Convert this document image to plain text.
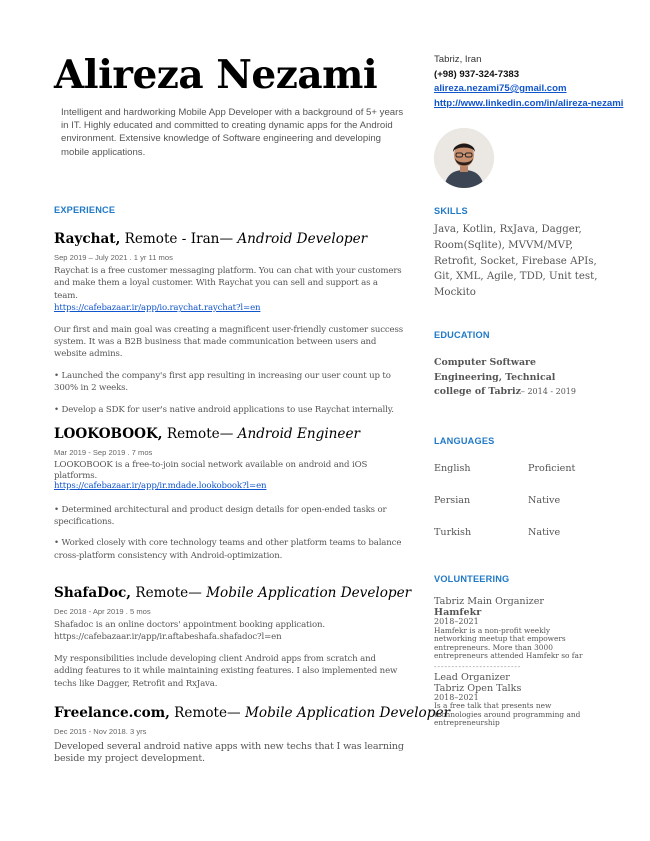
Alireza Nezami
Intelligent and hardworking Mobile App Developer with a background of 5+ years in IT. Highly educated and committed to creating dynamic apps for the Android environment. Extensive knowledge of Software engineering and developing mobile applications.
Tabriz, Iran
(+98) 937-324-7383
alireza.nezami75@gmail.com
http://www.linkedin.com/in/alireza-nezami
EXPERIENCE
Raychat, Remote - Iran— Android Developer
Sep 2019 – July 2021 . 1 yr 11 mos
Raychat is a free customer messaging platform. You can chat with your customers and make them a loyal customer. With Raychat you can sell and support as a team.
https://cafebazaar.ir/app/io.raychat.raychat?l=en
Our first and main goal was creating a magnificent user-friendly customer success system. It was a B2B business that made communication between users and website admins.
• Launched the company's first app resulting in increasing our user count up to 300% in 2 weeks.
• Develop a SDK for user's native android applications to use Raychat internally.
LOOKOBOOK, Remote— Android Engineer
Mar 2019 - Sep 2019 . 7 mos
LOOKOBOOK is a free-to-join social network available on android and iOS platforms.
https://cafebazaar.ir/app/ir.mdade.lookobook?l=en
• Determined architectural and product design details for open-ended tasks or specifications.
• Worked closely with core technology teams and other platform teams to balance cross-platform consistency with Android-optimization.
ShafaDoc, Remote— Mobile Application Developer
Dec 2018 - Apr 2019 . 5 mos
Shafadoc is an online doctors' appointment booking application.
https://cafebazaar.ir/app/ir.aftabeshafa.shafadoc?l=en
My responsibilities include developing client Android apps from scratch and adding features to it while maintaining existing features. I also implemented new techs like Dagger, Retrofit and RxJava.
Freelance.com, Remote— Mobile Application Developer
Dec 2015 - Nov 2018. 3 yrs
Developed several android native apps with new techs that I was learning beside my project development.
SKILLS
Java, Kotlin, RxJava, Dagger, Room(Sqlite), MVVM/MVP, Retrofit, Socket, Firebase APIs, Git, XML, Agile, TDD, Unit test, Mockito
EDUCATION
Computer Software Engineering, Technical college of Tabriz– 2014 - 2019
LANGUAGES
English	Proficient
Persian	Native
Turkish	Native
VOLUNTEERING
Tabriz Main Organizer
Hamfekr
2018–2021
Hamfekr is a non-profit weekly networking meetup that empowers entrepreneurs. More than 3000 entrepreneurs attended Hamfekr so far
-------------------------
Lead Organizer
Tabriz Open Talks
2018–2021
Is a free talk that presents new technologies around programming and entrepreneurship
